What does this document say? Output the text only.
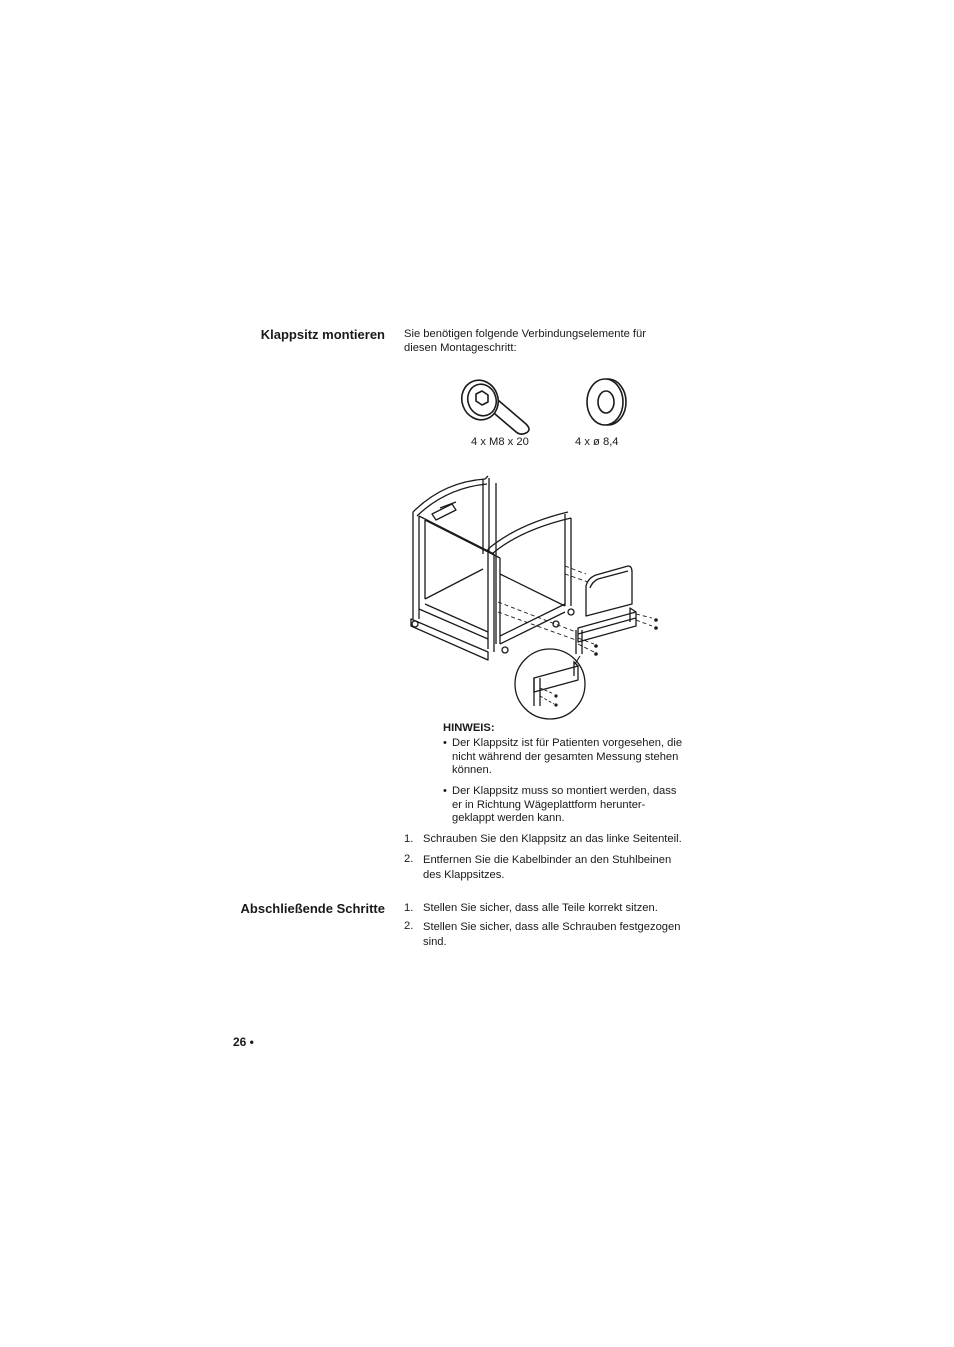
Klappsitz montieren Sie benötigen folgende Verbindungselemente für
diesen Montageschritt:
4 x M8 x 20	4 x ø 8,4
HINWEIS:
• Der Klappsitz ist für Patienten vorgesehen, die
nicht während der gesamten Messung stehen
können.
• Der Klappsitz muss so montiert werden, dass
er in Richtung Wägeplattform herunter-
geklappt werden kann.
1. Schrauben Sie den Klappsitz an das linke Seitenteil.
2. Entfernen Sie die Kabelbinder an den Stuhlbeinen
des Klappsitzes.
Abschließende Schritte 1. Stellen Sie sicher, dass alle Teile korrekt sitzen.
2. Stellen Sie sicher, dass alle Schrauben festgezogen
sind.
26 •
